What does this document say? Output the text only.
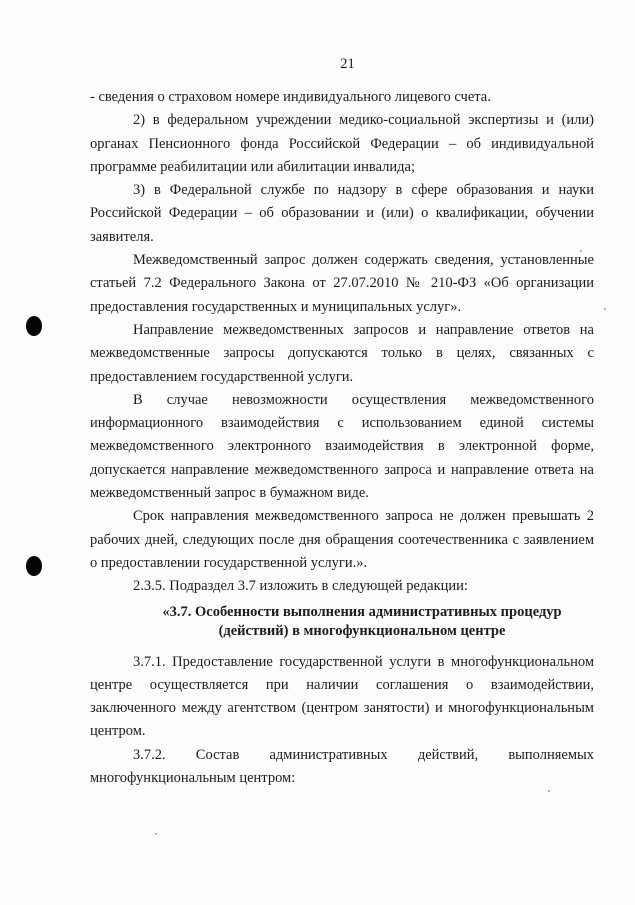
21

- сведения о страховом номере индивидуального лицевого счета.

2) в федеральном учреждении медико-социальной экспертизы и (или) органах Пенсионного фонда Российской Федерации – об индивидуальной программе реабилитации или абилитации инвалида;

3) в Федеральной службе по надзору в сфере образования и науки Российской Федерации – об образовании и (или) о квалификации, обучении заявителя.

Межведомственный запрос должен содержать сведения, установленные статьей 7.2 Федерального Закона от 27.07.2010 № 210-ФЗ «Об организации предоставления государственных и муниципальных услуг».

Направление межведомственных запросов и направление ответов на межведомственные запросы допускаются только в целях, связанных с предоставлением государственной услуги.

В случае невозможности осуществления межведомственного информационного взаимодействия с использованием единой системы межведомственного электронного взаимодействия в электронной форме, допускается направление межведомственного запроса и направление ответа на межведомственный запрос в бумажном виде.

Срок направления межведомственного запроса не должен превышать 2 рабочих дней, следующих после дня обращения соотечественника с заявлением о предоставлении государственной услуги.».

2.3.5. Подраздел 3.7 изложить в следующей редакции:

«3.7. Особенности выполнения административных процедур (действий) в многофункциональном центре

3.7.1. Предоставление государственной услуги в многофункциональном центре осуществляется при наличии соглашения о взаимодействии, заключенного между агентством (центром занятости) и многофункциональным центром.

3.7.2. Состав административных действий, выполняемых многофункциональным центром:
